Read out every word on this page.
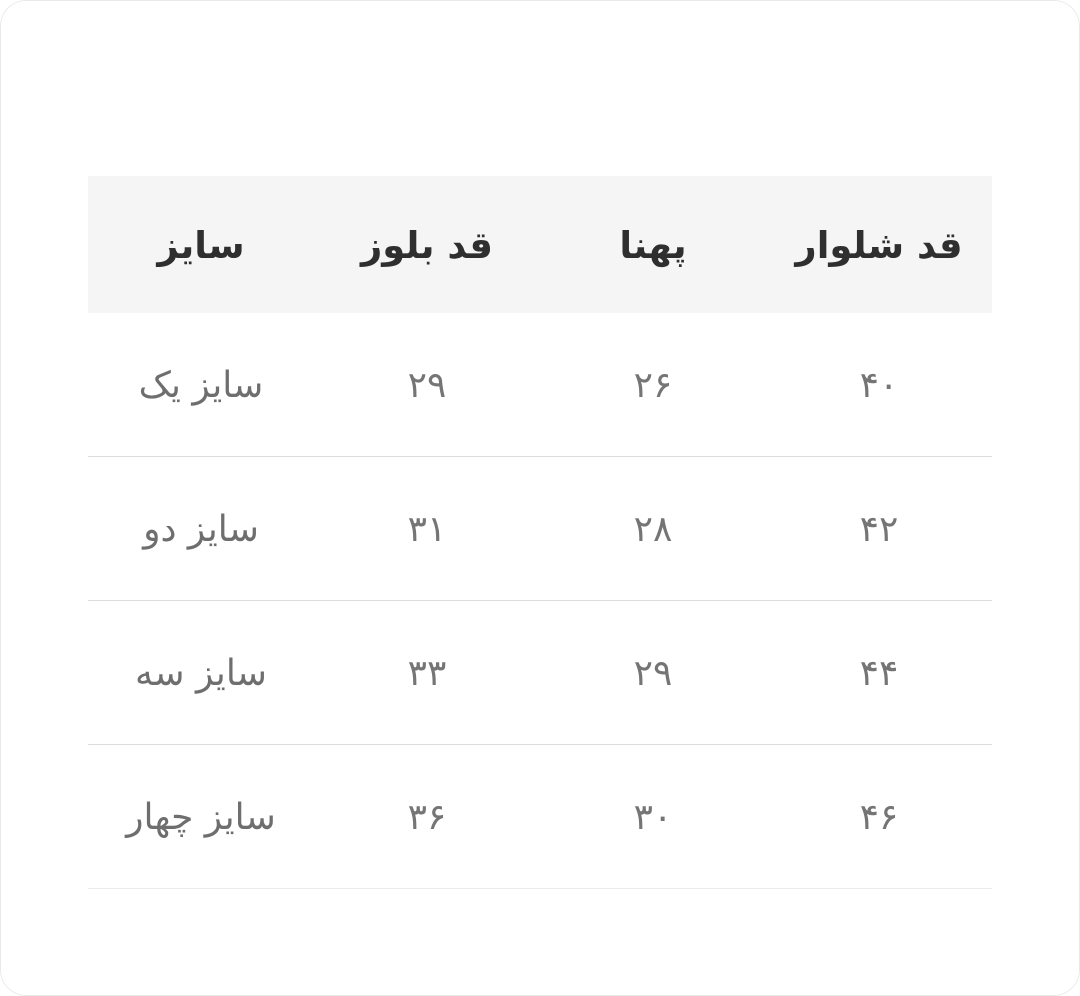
قد شلوار	پهنا	قد بلوز	سایز
۴۰	۲۶	۲۹	سایز یک
۴۲	۲۸	۳۱	سایز دو
۴۴	۲۹	۳۳	سایز سه
۴۶	۳۰	۳۶	سایز چهار
